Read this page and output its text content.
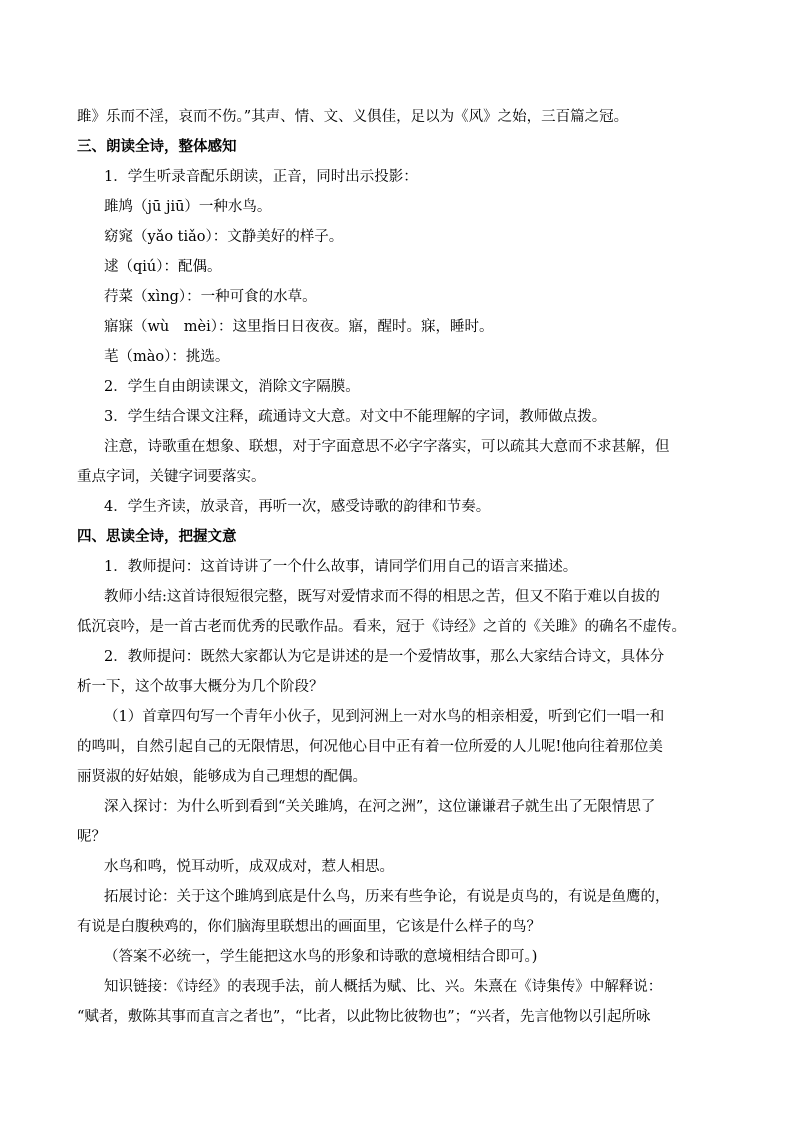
雎》乐而不淫，哀而不伤。”其声、情、文、义俱佳，足以为《风》之始，三百篇之冠。
三、朗读全诗，整体感知
1．学生听录音配乐朗读，正音，同时出示投影：
雎鸠（jū jiū）一种水鸟。
窈窕（yǎo tiǎo）：文静美好的样子。
逑（qiú）：配偶。
荇菜（xìng）：一种可食的水草。
寤寐（wù　mèi）：这里指日日夜夜。寤，醒时。寐，睡时。
芼（mào）：挑选。
2．学生自由朗读课文，消除文字隔膜。
3．学生结合课文注释，疏通诗文大意。对文中不能理解的字词，教师做点拨。
注意，诗歌重在想象、联想，对于字面意思不必字字落实，可以疏其大意而不求甚解，但
重点字词，关键字词要落实。
4．学生齐读，放录音，再听一次，感受诗歌的韵律和节奏。
四、思读全诗，把握文意
1．教师提问：这首诗讲了一个什么故事，请同学们用自己的语言来描述。
教师小结:这首诗很短很完整，既写对爱情求而不得的相思之苦，但又不陷于难以自拔的
低沉哀吟，是一首古老而优秀的民歌作品。看来，冠于《诗经》之首的《关雎》的确名不虚传。
2．教师提问：既然大家都认为它是讲述的是一个爱情故事，那么大家结合诗文，具体分
析一下，这个故事大概分为几个阶段？
（1）首章四句写一个青年小伙子，见到河洲上一对水鸟的相亲相爱，听到它们一唱一和
的鸣叫，自然引起自己的无限情思，何况他心目中正有着一位所爱的人儿呢!他向往着那位美
丽贤淑的好姑娘，能够成为自己理想的配偶。
深入探讨：为什么听到看到“关关雎鸠，在河之洲”，这位谦谦君子就生出了无限情思了
呢？
水鸟和鸣，悦耳动听，成双成对，惹人相思。
拓展讨论：关于这个雎鸠到底是什么鸟，历来有些争论，有说是贞鸟的，有说是鱼鹰的，
有说是白腹秧鸡的，你们脑海里联想出的画面里，它该是什么样子的鸟？
（答案不必统一，学生能把这水鸟的形象和诗歌的意境相结合即可。)
知识链接：《诗经》的表现手法，前人概括为赋、比、兴。朱熹在《诗集传》中解释说：
“赋者，敷陈其事而直言之者也”，“比者，以此物比彼物也”；“兴者，先言他物以引起所咏
